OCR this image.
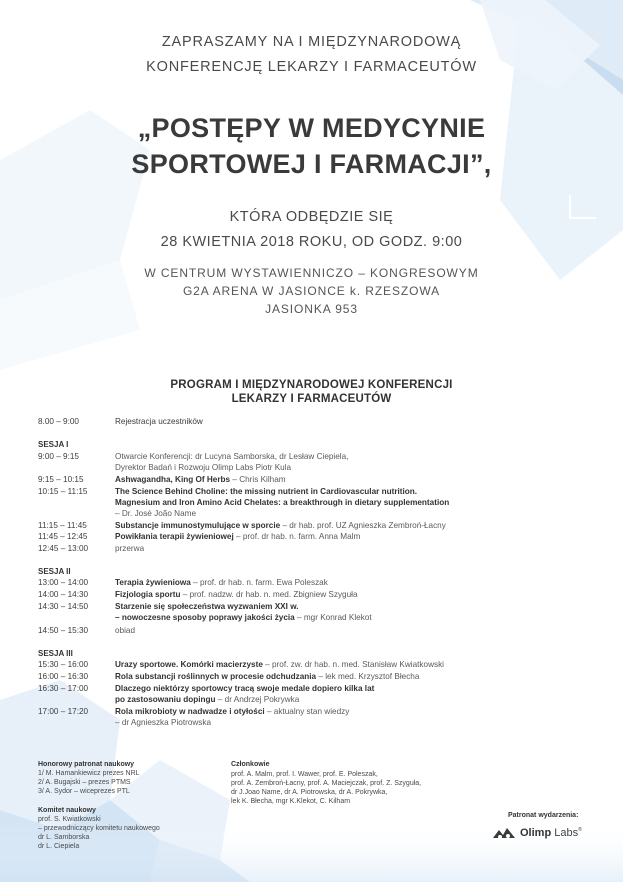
ZAPRASZAMY NA I MIĘDZYNARODOWĄ
KONFERENCJĘ LEKARZY I FARMACEUTÓW
„POSTĘPY W MEDYCYNIE
SPORTOWEJ I FARMACJI”,
KTÓRA ODBĘDZIE SIĘ
28 KWIETNIA 2018 ROKU, OD GODZ. 9:00
W CENTRUM WYSTAWIENNICZO – KONGRESOWYM
G2A ARENA W JASIONCE k. RZESZOWA
JASIONKA 953
PROGRAM I MIĘDZYNARODOWEJ KONFERENCJI
LEKARZY I FARMACEUTÓW
8.00 – 9:00	Rejestracja uczestników
SESJA I
9:00 – 9:15	Otwarcie Konferencji: dr Lucyna Samborska, dr Lesław Ciepiela,
Dyrektor Badań i Rozwoju Olimp Labs Piotr Kula
9:15 – 10:15	Ashwagandha, King Of Herbs – Chris Kilham
10:15 – 11:15	The Science Behind Choline: the missing nutrient in Cardiovascular nutrition.
Magnesium and Iron Amino Acid Chelates: a breakthrough in dietary supplementation
– Dr. José João Name
11:15 – 11:45	Substancje immunostymulujące w sporcie – dr hab. prof. UZ Agnieszka Zembroń-Łacny
11:45 – 12:45	Powikłania terapii żywieniowej – prof. dr hab. n. farm. Anna Malm
12:45 – 13:00	przerwa
SESJA II
13:00 – 14:00	Terapia żywieniowa – prof. dr hab. n. farm. Ewa Poleszak
14:00 – 14:30	Fizjologia sportu – prof. nadzw. dr hab. n. med. Zbigniew Szyguła
14:30 – 14:50	Starzenie się społeczeństwa wyzwaniem XXI w.
– nowoczesne sposoby poprawy jakości życia – mgr Konrad Klekot
14:50 – 15:30	obiad
SESJA III
15:30 – 16:00	Urazy sportowe. Komórki macierzyste – prof. zw. dr hab. n. med. Stanisław Kwiatkowski
16:00 – 16:30	Rola substancji roślinnych w procesie odchudzania – lek med. Krzysztof Błecha
16:30 – 17:00	Dlaczego niektórzy sportowcy tracą swoje medale dopiero kilka lat
po zastosowaniu dopingu – dr Andrzej Pokrywka
17:00 – 17:20	Rola mikrobioty w nadwadze i otyłości – aktualny stan wiedzy
– dr Agnieszka Piotrowska
Honorowy patronat naukowy
1/ M. Hamankiewicz prezes NRL
2/ A. Bugajski – prezes PTMS
3/ A. Sydor – wiceprezes PTL
Komitet naukowy
prof. S. Kwiatkowski
– przewodniczący komitetu naukowego
dr L. Samborska
dr L. Ciepiela
Członkowie
prof. A. Malm, prof. I. Wawer, prof. E. Poleszak,
prof. A. Zembroń-Łacny, prof. A. Maciejczak, prof. Z. Szyguła,
dr J.Joao Name, dr A. Piotrowska, dr A. Pokrywka,
lek K. Błecha, mgr K.Klekot, C. Kilham
Patronat wydarzenia:
Olimp Labs®
